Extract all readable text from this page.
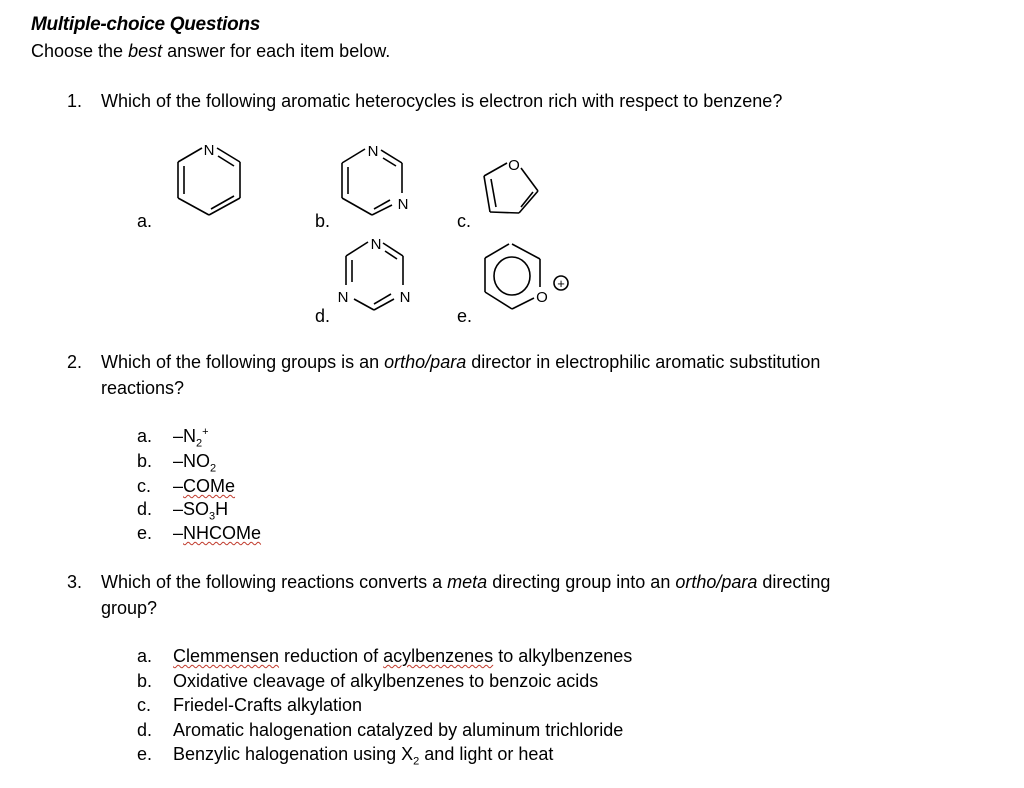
Multiple-choice Questions
Choose the best answer for each item below.
1. Which of the following aromatic heterocycles is electron rich with respect to benzene?
a.	b.	c.
d.	e.
N	N
N
O
N
N	N	O
+
2. Which of the following groups is an ortho/para director in electrophilic aromatic substitution
reactions?
a. $-N_2^+$
b. $-NO_2$
c. –COMe
d. $-SO_3H$
e. –NHCOMe
3. Which of the following reactions converts a meta directing group into an ortho/para directing
group?
a. Clemmensen reduction of acylbenzenes to alkylbenzenes
b. Oxidative cleavage of alkylbenzenes to benzoic acids
c. Friedel-Crafts alkylation
d. Aromatic halogenation catalyzed by aluminum trichloride
e. Benzylic halogenation using $X_2$ and light or heat
